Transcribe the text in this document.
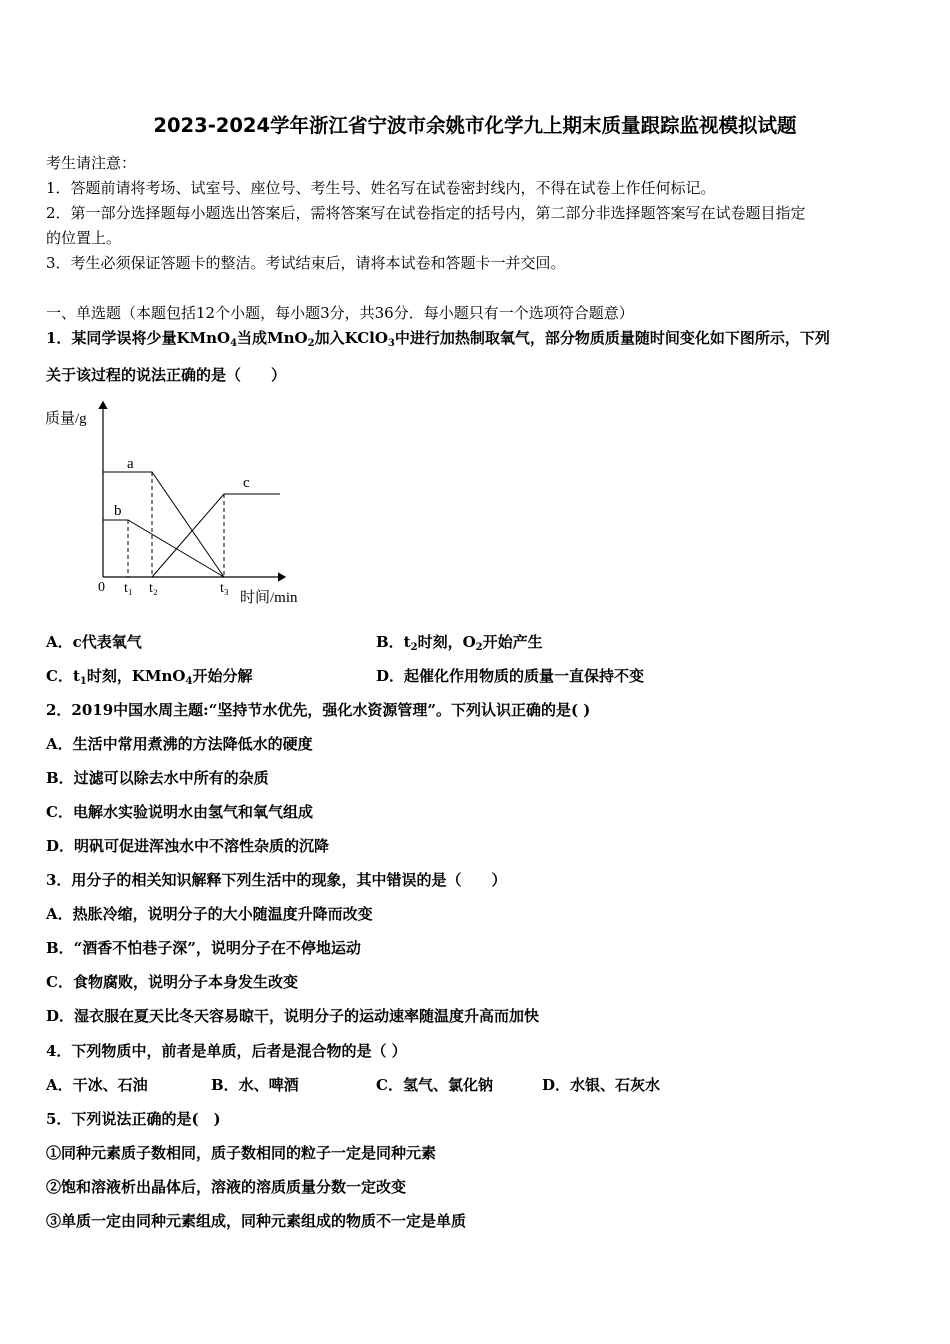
2023-2024学年浙江省宁波市余姚市化学九上期末质量跟踪监视模拟试题
考生请注意：
1．答题前请将考场、试室号、座位号、考生号、姓名写在试卷密封线内，不得在试卷上作任何标记。
2．第一部分选择题每小题选出答案后，需将答案写在试卷指定的括号内，第二部分非选择题答案写在试卷题目指定
的位置上。
3．考生必须保证答题卡的整洁。考试结束后，请将本试卷和答题卡一并交回。
一、单选题（本题包括12个小题，每小题3分，共36分．每小题只有一个选项符合题意）
1．某同学误将少量KMnO$_4$当成MnO$_2$加入KClO$_3$中进行加热制取氧气，部分物质质量随时间变化如下图所示，下列
关于该过程的说法正确的是（　　）
质量/g
时间/min
0 t₁ t₂	t₃
a
b
c
A．c代表氧气	B．$t_2$时刻，$O_2$开始产生
C．$t_1$时刻，KMnO$_4$开始分解	D．起催化作用物质的质量一直保持不变
2．2019中国水周主题:“坚持节水优先，强化水资源管理”。下列认识正确的是( )
A．生活中常用煮沸的方法降低水的硬度
B．过滤可以除去水中所有的杂质
C．电解水实验说明水由氢气和氧气组成
D．明矾可促进浑浊水中不溶性杂质的沉降
3．用分子的相关知识解释下列生活中的现象，其中错误的是（　　）
A．热胀冷缩，说明分子的大小随温度升降而改变
B．“酒香不怕巷子深”，说明分子在不停地运动
C．食物腐败，说明分子本身发生改变
D．湿衣服在夏天比冬天容易晾干，说明分子的运动速率随温度升高而加快
4．下列物质中，前者是单质，后者是混合物的是（ ）
A．干冰、石油	B．水、啤酒	C．氢气、氯化钠	D．水银、石灰水
5．下列说法正确的是(　)
①同种元素质子数相同，质子数相同的粒子一定是同种元素
②饱和溶液析出晶体后，溶液的溶质质量分数一定改变
③单质一定由同种元素组成，同种元素组成的物质不一定是单质
